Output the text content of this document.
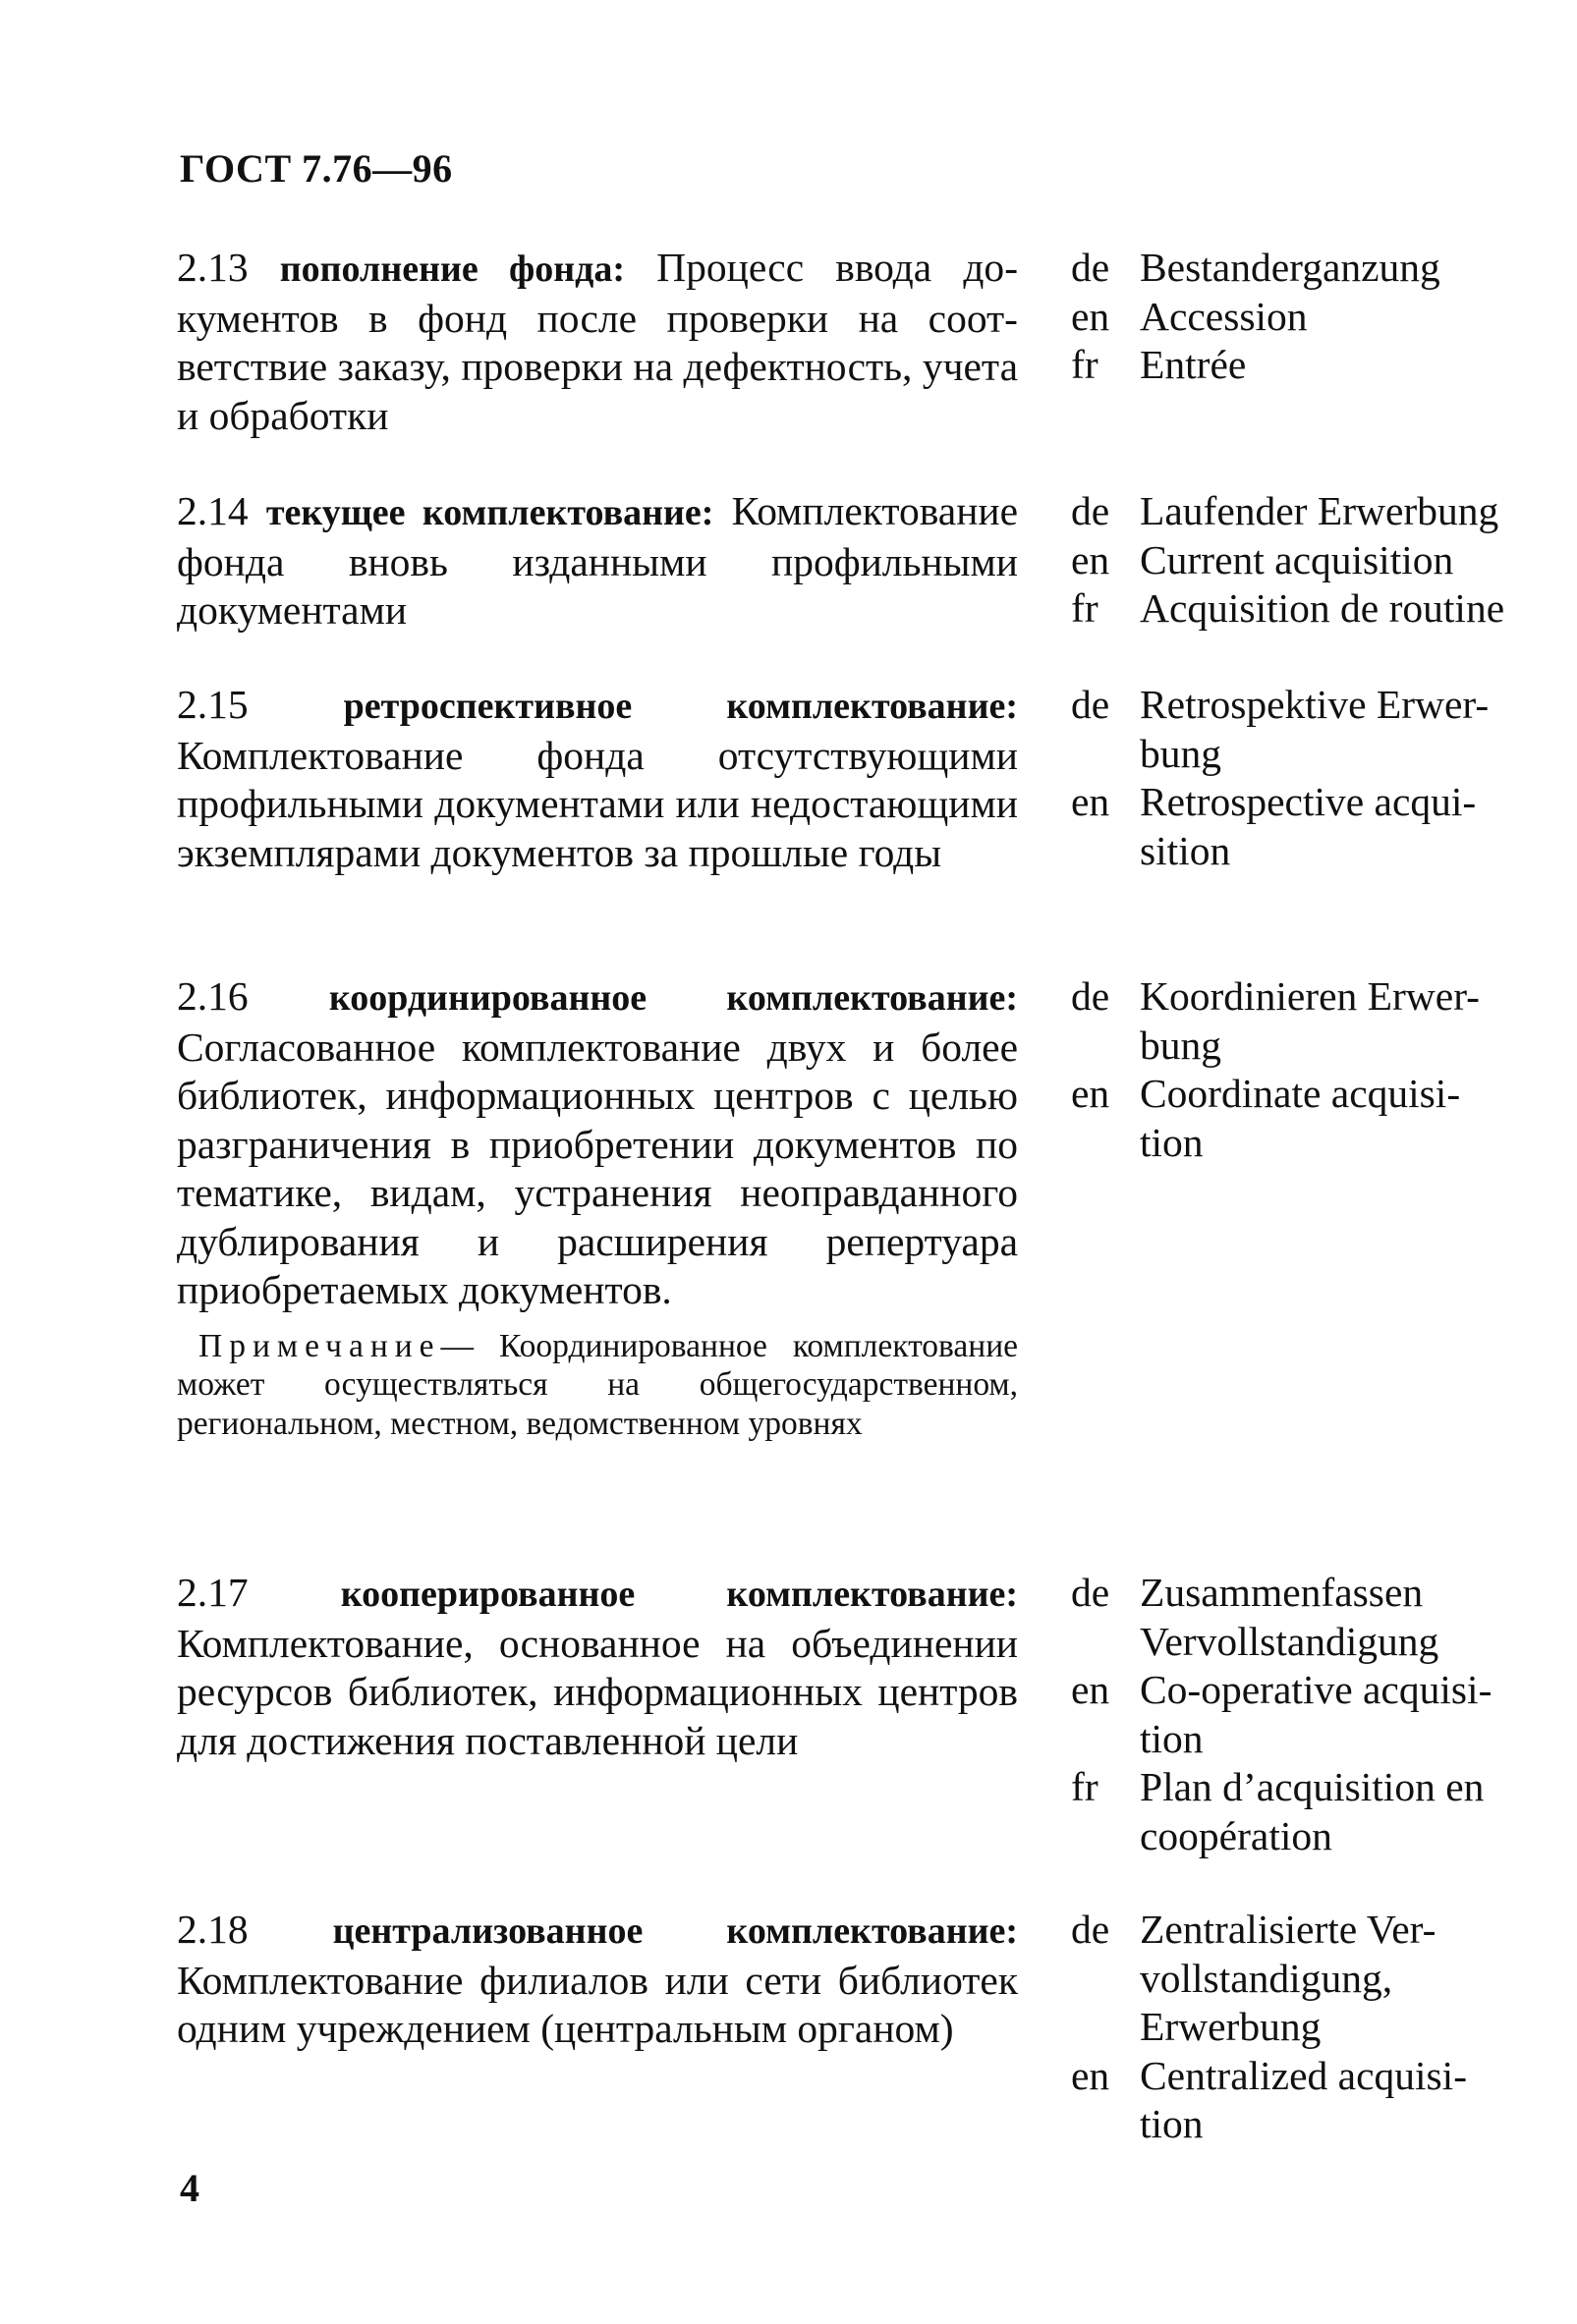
ГОСТ 7.76—96

2.13 пополнение фонда: Процесс ввода документов в фонд после проверки на соответствие заказу, проверки на дефектность, учета и обработки

de Bestanderganzung
en Accession
fr	Entrée

2.14 текущее комплектование: Комплектование фонда вновь изданными профильными документами

de Laufender Erwerbung
en Current acquisition
fr	Acquisition de routine

2.15	ретроспективное комплектование: Комплектование фонда отсутствующими профильными документами или недостающими экземплярами документов за прошлые годы

de Retrospektive Erwer-
bung
en Retrospective acqui-
sition

2.16 координированное комплектование: Согласованное комплектование двух и более библиотек, информационных центров с целью разграничения в приобретении документов по тематике, видам, устранения неоправданного дублирования и расширения репертуара приобретаемых документов.

Примечание— Координированное комплектование может осуществляться на общегосударственном, региональном, местном, ведомственном уровнях

de Koordinieren Erwer-
bung
en Coordinate acquisi-
tion

2.17 кооперированное комплектование: Комплектование, основанное на объединении ресурсов библиотек, информационных центров для достижения поставленной цели

de Zusammenfassen
Vervollstandigung
en Co-operative acquisi-
tion
fr	Plan d’acquisition en
coopération

2.18 централизованное комплектование: Комплектование филиалов или сети библиотек одним учреждением (центральным органом)

de Zentralisierte Ver-
vollstandigung,
Erwerbung
en Centralized acquisi-
tion
4
